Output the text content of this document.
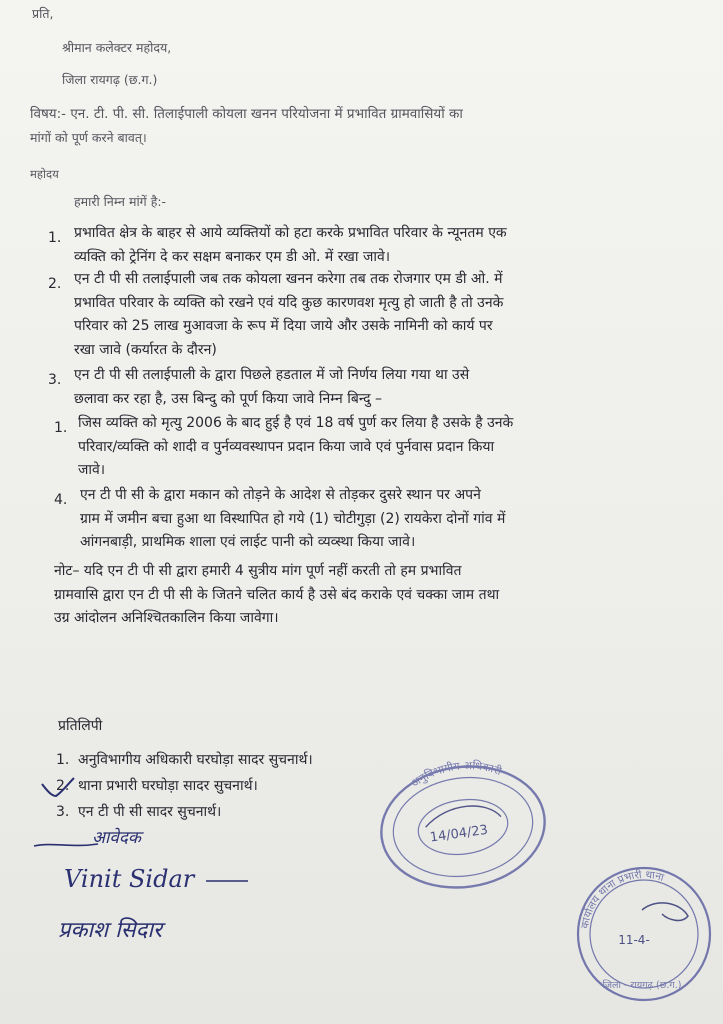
प्रति,
श्रीमान कलेक्टर महोदय,
जिला रायगढ़ (छ.ग.)
विषय:- एन. टी. पी. सी. तिलाईपाली कोयला खनन परियोजना में प्रभावित ग्रामवासियों का
मांगों को पूर्ण करने बावत्।
महोदय
हमारी निम्न मांगें है:-
1. प्रभावित क्षेत्र के बाहर से आये व्यक्तियों को हटा करके प्रभावित परिवार के न्यूनतम एक
व्यक्ति को ट्रेनिंग दे कर सक्षम बनाकर एम डी ओ. में रखा जावे।
2. एन टी पी सी तलाईपाली जब तक कोयला खनन करेगा तब तक रोजगार एम डी ओ. में
प्रभावित परिवार के व्यक्ति को रखने एवं यदि कुछ कारणवश मृत्यु हो जाती है तो उनके
परिवार को 25 लाख मुआवजा के रूप में दिया जाये और उसके नामिनी को कार्य पर
रखा जावे (कर्यारत के दौरन)
3. एन टी पी सी तलाईपाली के द्वारा पिछले हडताल में जो निर्णय लिया गया था उसे
छलावा कर रहा है, उस बिन्दु को पूर्ण किया जावे निम्न बिन्दु –
1. जिस व्यक्ति को मृत्यु 2006 के बाद हुई है एवं 18 वर्ष पुर्ण कर लिया है उसके है उनके
परिवार/व्यक्ति को शादी व पुर्नव्यवस्थापन प्रदान किया जावे एवं पुर्नवास प्रदान किया
जावे।
4. एन टी पी सी के द्वारा मकान को तोड़ने के आदेश से तोड़कर दुसरे स्थान पर अपने
ग्राम में जमीन बचा हुआ था विस्थापित हो गये (1) चोटीगुड़ा (2) रायकेरा दोनों गांव में
आंगनबाड़ी, प्राथमिक शाला एवं लाईट पानी को व्यव्स्था किया जावे।
नोट– यदि एन टी पी सी द्वारा हमारी 4 सुत्रीय मांग पूर्ण नहीं करती तो हम प्रभावित
ग्रामवासि द्वारा एन टी पी सी के जितने चलित कार्य है उसे बंद कराके एवं चक्का जाम तथा
उग्र आंदोलन अनिश्चितकालिन किया जावेगा।
प्रतिलिपी
1. अनुविभागीय अधिकारी घरघोड़ा सादर सुचनार्थ।
2. थाना प्रभारी घरघोड़ा सादर सुचनार्थ।
3. एन टी पी सी सादर सुचनार्थ।
आवेदक
Vinit Sidar
प्रकाश सिदार
अनुविभागीय अधिकारी
14/04/23
कार्यालय थाना प्रभारी थाना
जिला - रायगढ़ (छ.ग.)
11-4-
